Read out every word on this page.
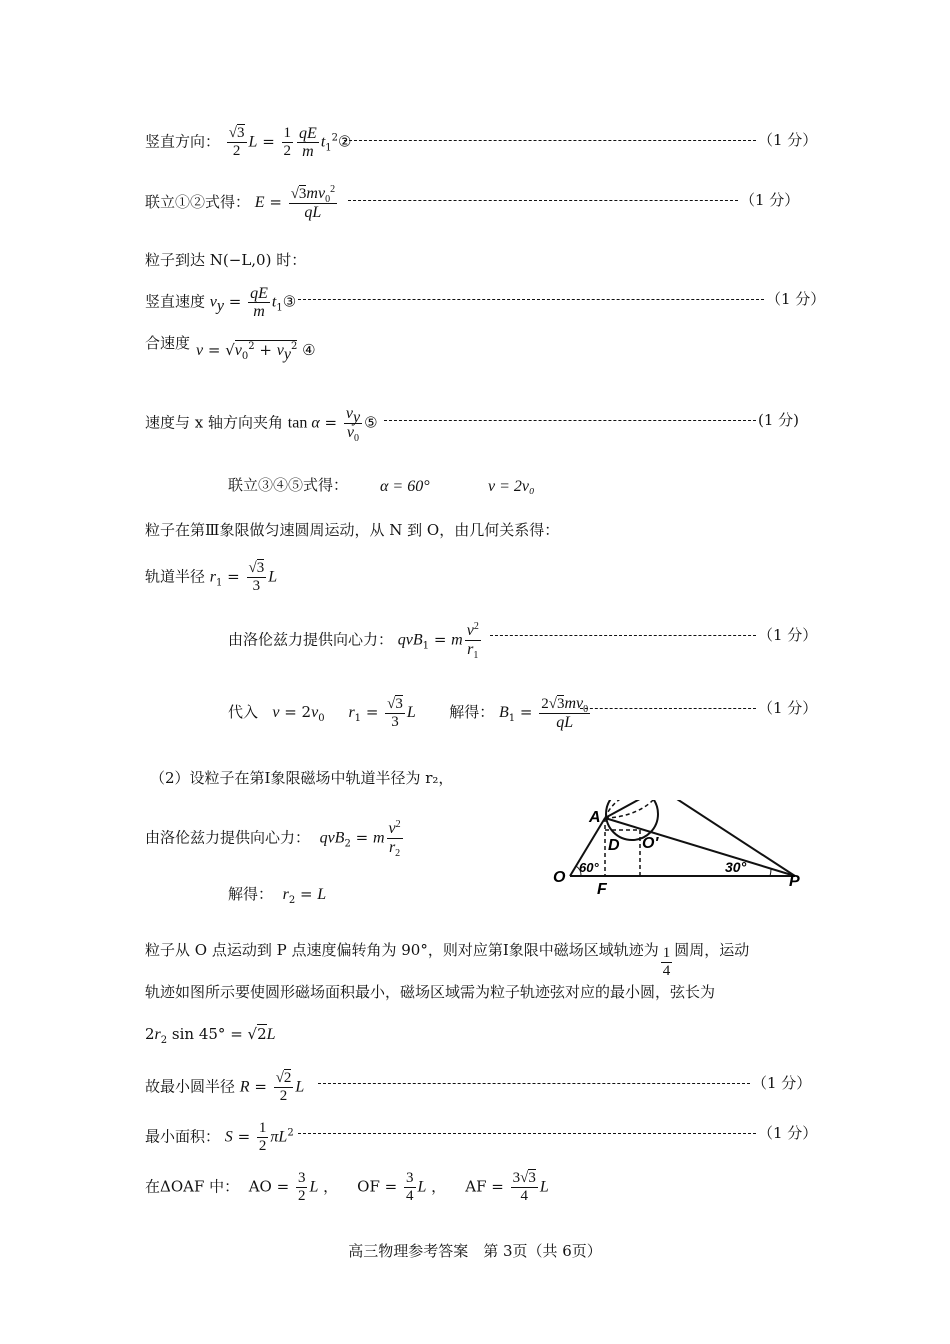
竖直方向： $\frac{√3}{2}$ $L = \frac{1}{2} \frac{qE}{m}$ $t_1^2②$	（1 分）
联立①②式得： $E = \frac{√3mv_0^2}{qL}$	（1 分）
粒子到达 N(−L,0) 时：
竖直速度 $v_y = \frac{qE}{m}$ $t_1③$	（1 分）
合速度 $v = √v_0^2 + v_y^2$ ④
速度与 x 轴方向夹角 $\tan \alpha = \frac{v_y}{v_0}$ ⑤	(1 分)
联立③④⑤式得： α = 60°	v = 2v₀
粒子在第Ⅲ象限做匀速圆周运动，从 N 到 O，由几何关系得：
轨道半径 $r_1 = \frac{√3}{3}$ L
由洛伦兹力提供向心力： qvB$_1$ = m $\frac{v^2}{r_1}$	（1 分）
代入 $v = 2v_0$ $r_1 = \frac{√3}{3}$ L 解得： $B_1 = \frac{2√3mv_0}{qL}$	（1 分）
（2）设粒子在第Ⅰ象限磁场中轨道半径为 r₂，
由洛伦兹力提供向心力： qvB$_2$ = m $\frac{v^2}{r_2}$
解得： $r_2 = L$
A
D O′
O
F	P
60°	30°
粒子从 O 点运动到 P 点速度偏转角为 90°，则对应第Ⅰ象限中磁场区域轨迹为 $\frac{1}{4}$ 圆周，运动
轨迹如图所示要使圆形磁场面积最小，磁场区域需为粒子轨迹弦对应的最小圆，弦长为
$2r_2$ sin 45° = √2L
故最小圆半径 $R = \frac{√2}{2}$ L	（1 分）
最小面积： $S = \frac{1}{2} \pi L^2$	（1 分）
在ΔOAF 中：  AO = $\frac{3}{2}$ L ，    OF = $\frac{3}{4}$ L ，    AF = $\frac{3√3}{4}$ L
高三物理参考答案　第 3页（共 6页）
